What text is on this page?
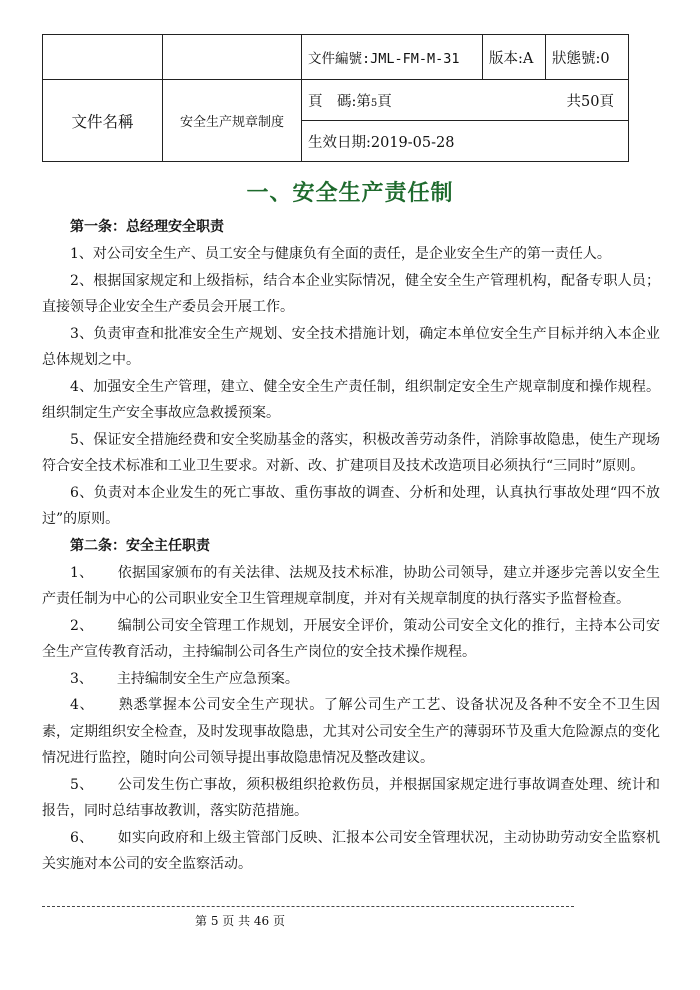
		文件編號:JML-FM-M-31	版本:A	狀態號:0
文件名稱	安全生产规章制度	頁　碼:第5頁 共50頁		

		生效日期:2019-05-28		
一、安全生产责任制
第一条：总经理安全职责

1、对公司安全生产、员工安全与健康负有全面的责任，是企业安全生产的第一责任人。

2、根据国家规定和上级指标，结合本企业实际情况，健全安全生产管理机构，配备专职人员；直接领导企业安全生产委员会开展工作。

3、负责审查和批准安全生产规划、安全技术措施计划，确定本单位安全生产目标并纳入本企业总体规划之中。

4、加强安全生产管理，建立、健全安全生产责任制，组织制定安全生产规章制度和操作规程。组织制定生产安全事故应急救援预案。

5、保证安全措施经费和安全奖励基金的落实，积极改善劳动条件，消除事故隐患，使生产现场符合安全技术标准和工业卫生要求。对新、改、扩建项目及技术改造项目必须执行“三同时”原则。

6、负责对本企业发生的死亡事故、重伤事故的调查、分析和处理，认真执行事故处理“四不放过”的原则。

第二条：安全主任职责

1、 依据国家颁布的有关法律、法规及技术标准，协助公司领导，建立并逐步完善以安全生产责任制为中心的公司职业安全卫生管理规章制度，并对有关规章制度的执行落实予监督检查。

2、 编制公司安全管理工作规划，开展安全评价，策动公司安全文化的推行，主持本公司安全生产宣传教育活动，主持编制公司各生产岗位的安全技术操作规程。

3、 主持编制安全生产应急预案。

4、 熟悉掌握本公司安全生产现状。了解公司生产工艺、设备状况及各种不安全不卫生因素，定期组织安全检查，及时发现事故隐患，尤其对公司安全生产的薄弱环节及重大危险源点的变化情况进行监控，随时向公司领导提出事故隐患情况及整改建议。

5、 公司发生伤亡事故，须积极组织抢救伤员，并根据国家规定进行事故调查处理、统计和报告，同时总结事故教训，落实防范措施。

6、 如实向政府和上级主管部门反映、汇报本公司安全管理状况，主动协助劳动安全监察机关实施对本公司的安全监察活动。

第 5 页 共 46 页
